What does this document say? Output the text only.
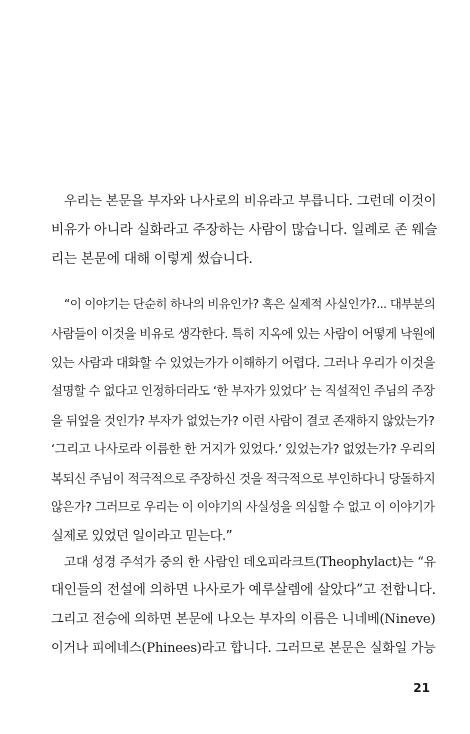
우리는 본문을 부자와 나사로의 비유라고 부릅니다. 그런데 이것이
비유가 아니라 실화라고 주장하는 사람이 많습니다. 일례로 존 웨슬
리는 본문에 대해 이렇게 썼습니다.

“이 이야기는 단순히 하나의 비유인가? 혹은 실제적 사실인가?... 대부분의
사람들이 이것을 비유로 생각한다. 특히 지옥에 있는 사람이 어떻게 낙원에
있는 사람과 대화할 수 있었는가가 이해하기 어렵다. 그러나 우리가 이것을
설명할 수 없다고 인정하더라도 ‘한 부자가 있었다’ 는 직설적인 주님의 주장
을 뒤엎을 것인가? 부자가 없었는가? 이런 사람이 결코 존재하지 않았는가?
‘그리고 나사로라 이름한 한 거지가 있었다.’ 있었는가? 없었는가? 우리의
복되신 주님이 적극적으로 주장하신 것을 적극적으로 부인하다니 당돌하지
않은가? 그러므로 우리는 이 이야기의 사실성을 의심할 수 없고 이 이야기가
실제로 있었던 일이라고 믿는다.”

고대 성경 주석가 중의 한 사람인 데오피라크트(Theophylact)는 “유
대인들의 전설에 의하면 나사로가 예루살렘에 살았다”고 전합니다.
그리고 전승에 의하면 본문에 나오는 부자의 이름은 니네베(Nineve)
이거나 피에네스(Phinees)라고 합니다. 그러므로 본문은 실화일 가능

21
